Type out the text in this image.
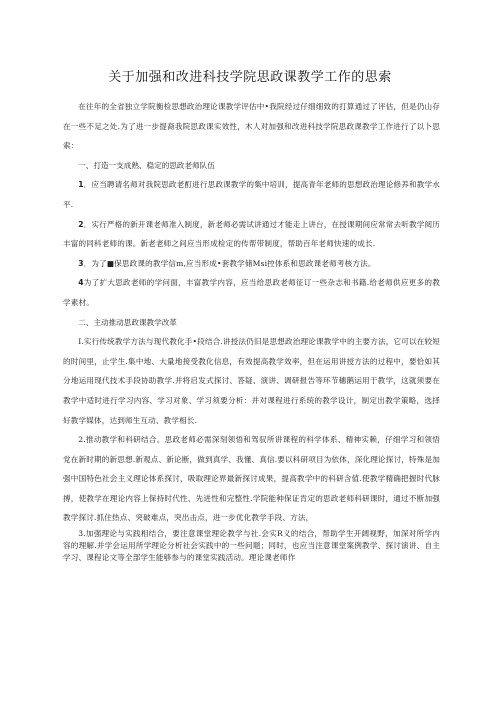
关于加强和改进科技学院思政课教学工作的思索

在往年的全省独立学院衡检思想政治理论课教学评估中•我院经过仔细细致的打算通过了评估，但是仍山存在一些不足之处.为了进一步提裔我院思政课实效性，木人对加强和改进科技学院思政课教学工作进行了以卜思索：

一、打造一支成熟、稳定的思政老师队伍

1．应当聘请名师对我院思政老酊进行思政课教学的集中培训，提高青年老师的思想政治理论修养和教学水平.

2．实行严格的新开课老师准入制度，新老师必需试讲通过才能走上讲台，在授课期间应常常去听教学阅历丰富的同科老师的课。新老老师之间应当形成检定的传帮带制度，帮助百年老师快速的成长.

3．为了■保思政课的教学信m,应当形成•套教学储Msi控体系和思政课老师考核方法。

4为了扩大思政老师的学问面，丰富教学内容，应当给思政老师征订一些杂志和书籍.给老师供应更多的教学素材。

二、主动推动思政课教学改革

I.实行传统教学方法与现代教化手•段结合.讲授法仍旧是思想政治理论课教学中的主要方法，它可以在较短的时间里，止学生.集中地、大量地接受教化信息，有效提高教学效率，但在运用讲授方法的过程中，要恰如其分地运用现代技术手段协助教学.并将启发式探讨、答疑、演讲、调研报告等环节穗鹅运用于教学，这就须要在教学中适时进行学习内容、学习对象、学习须要分析：并对课程进行系统的教学设计，制定出教学策略，选择好教学媒体，达到师生互动、教学相长.

2.推动教学和科研结合。思政老师必需深刻领悟和驾驭所讲课程的科学体系、精神实赖，仔细学习和领悟党在新时期的新思想.新观点、新论断，做到真学、我懂、真信.要以科研项目为依体，深化理论探讨，特殊是加强中国特色社会主义理论体系探讨，吸取理论界最新探讨成果，提高教学中的科研含值.使教学精确把握时代脉搏，使教学在理论内容上保持时代性、先进性和完整性.学院能种保证肯定的思政老师科研课时，通过不断加强教学探讨.抓住热点、突破难点，突出击点，进一步优化教学手段、方法，

3.加强理论与实践相结合，要注意课堂理论教学与社.会实R义的结合，帮助学生开阔视野，加深对所学内容的理解.并学会运用所学理论分析社会实践中的一些问题；同时，也应当注意课堂案例教学、探讨演讲、自主学习、课程论文等全部学生能够参与的课堂实践活动。理论课老师作
